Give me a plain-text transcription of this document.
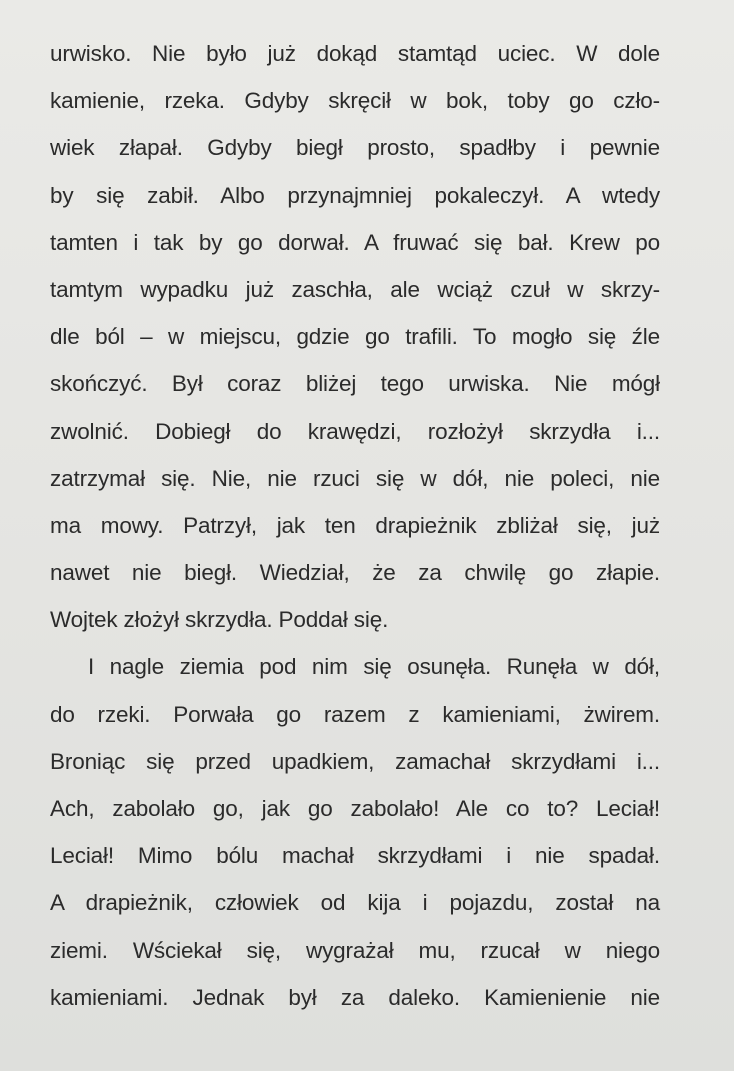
urwisko. Nie było już dokąd stamtąd uciec. W dole
kamienie, rzeka. Gdyby skręcił w bok, toby go czło-
wiek złapał. Gdyby biegł prosto, spadłby i pewnie
by się zabił. Albo przynajmniej pokaleczył. A wtedy
tamten i tak by go dorwał. A fruwać się bał. Krew po
tamtym wypadku już zaschła, ale wciąż czuł w skrzy-
dle ból – w miejscu, gdzie go trafili. To mogło się źle
skończyć. Był coraz bliżej tego urwiska. Nie mógł
zwolnić. Dobiegł do krawędzi, rozłożył skrzydła i...
zatrzymał się. Nie, nie rzuci się w dół, nie poleci, nie
ma mowy. Patrzył, jak ten drapieżnik zbliżał się, już
nawet nie biegł. Wiedział, że za chwilę go złapie.
Wojtek złożył skrzydła. Poddał się.
I nagle ziemia pod nim się osunęła. Runęła w dół,
do rzeki. Porwała go razem z kamieniami, żwirem.
Broniąc się przed upadkiem, zamachał skrzydłami i...
Ach, zabolało go, jak go zabolało! Ale co to? Leciał!
Leciał! Mimo bólu machał skrzydłami i nie spadał.
A drapieżnik, człowiek od kija i pojazdu, został na
ziemi. Wściekał się, wygrażał mu, rzucał w niego
kamieniami. Jednak był za daleko. Kamienienie nie
